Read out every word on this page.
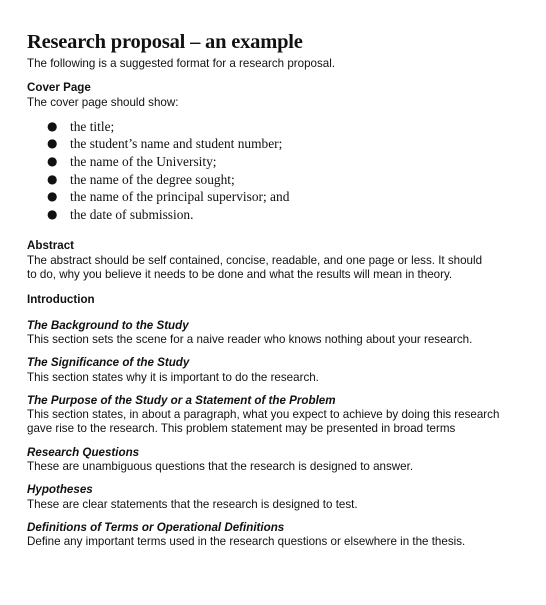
Research proposal – an example

The following is a suggested format for a research proposal.

Cover Page

The cover page should show:

● the title;
● the student’s name and student number;
● the name of the University;
● the name of the degree sought;
● the name of the principal supervisor; and
● the date of submission.

Abstract

The abstract should be self contained, concise, readable, and one page or less. It should

to do, why you believe it needs to be done and what the results will mean in theory.

Introduction

The Background to the Study

This section sets the scene for a naive reader who knows nothing about your research.

The Significance of the Study

This section states why it is important to do the research.

The Purpose of the Study or a Statement of the Problem

This section states, in about a paragraph, what you expect to achieve by doing this research

gave rise to the research. This problem statement may be presented in broad terms

Research Questions

These are unambiguous questions that the research is designed to answer.

Hypotheses

These are clear statements that the research is designed to test.

Definitions of Terms or Operational Definitions

Define any important terms used in the research questions or elsewhere in the thesis.
